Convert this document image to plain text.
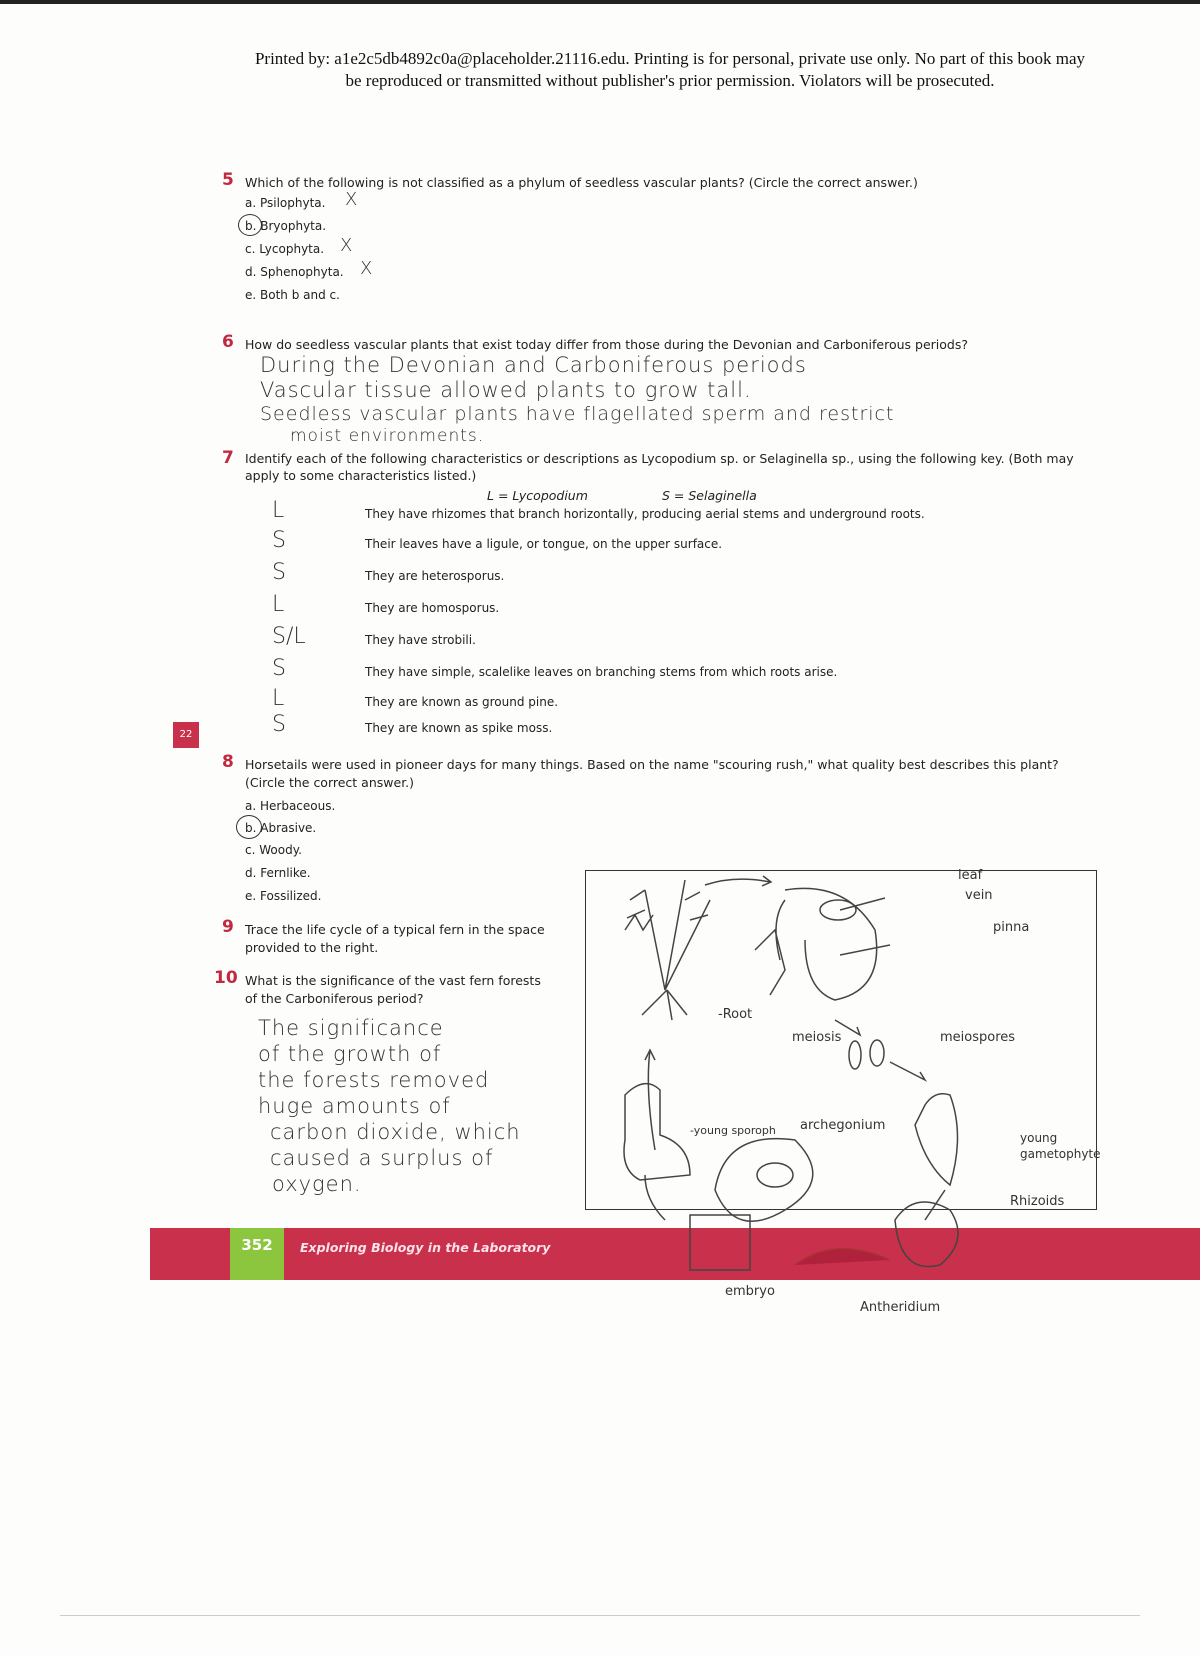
Printed by: a1e2c5db4892c0a@placeholder.21116.edu. Printing is for personal, private use only. No part of this book may
be reproduced or transmitted without publisher's prior permission. Violators will be prosecuted.
5 Which of the following is not classified as a phylum of seedless vascular plants? (Circle the correct answer.)
a. Psilophyta. X
b. Bryophyta.
c. Lycophyta. X
d. Sphenophyta. X
e. Both b and c.
6 How do seedless vascular plants that exist today differ from those during the Devonian and Carboniferous periods?
During the Devonian and Carboniferous periods
Vascular tissue allowed plants to grow tall.
Seedless vascular plants have flagellated sperm and restrict
moist environments.
7 Identify each of the following characteristics or descriptions as Lycopodium sp. or Selaginella sp., using the following key. (Both may apply to some characteristics listed.)
L = Lycopodium	S = Selaginella
L	They have rhizomes that branch horizontally, producing aerial stems and underground roots.
S	Their leaves have a ligule, or tongue, on the upper surface.
S	They are heterosporus.
L	They are homosporus.
S/L	They have strobili.
S	They have simple, scalelike leaves on branching stems from which roots arise.
L	They are known as ground pine.
S	They are known as spike moss.
22
8 Horsetails were used in pioneer days for many things. Based on the name "scouring rush," what quality best describes this plant? (Circle the correct answer.)
a. Herbaceous.
b. Abrasive.
c. Woody.
d. Fernlike.
e. Fossilized.
9 Trace the life cycle of a typical fern in the space provided to the right.
10 What is the significance of the vast fern forests of the Carboniferous period?
The significance
of the growth of
the forests removed
huge amounts of
carbon dioxide, which
caused a surplus of
oxygen.
352	Exploring Biology in the Laboratory
leaf
vein
pinna
-Root
meiosis	meiospores
-young sporoph archegonium
young gametophyte
Rhizoids
embryo
Antheridium
